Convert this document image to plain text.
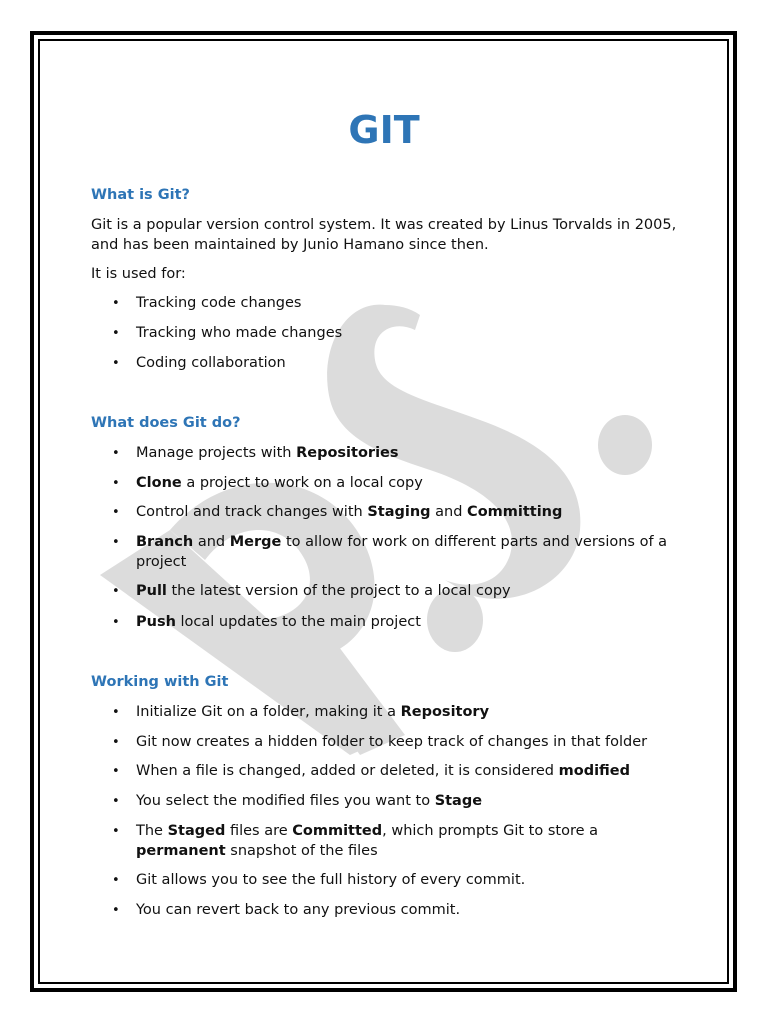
GIT
What is Git?
Git is a popular version control system. It was created by Linus Torvalds in 2005, and has been maintained by Junio Hamano since then.
It is used for:
• Tracking code changes
• Tracking who made changes
• Coding collaboration
What does Git do?
• Manage projects with Repositories
• Clone a project to work on a local copy
• Control and track changes with Staging and Committing
• Branch and Merge to allow for work on different parts and versions of a project
• Pull the latest version of the project to a local copy
• Push local updates to the main project
Working with Git
• Initialize Git on a folder, making it a Repository
• Git now creates a hidden folder to keep track of changes in that folder
• When a file is changed, added or deleted, it is considered modified
• You select the modified files you want to Stage
• The Staged files are Committed, which prompts Git to store a permanent snapshot of the files
• Git allows you to see the full history of every commit.
• You can revert back to any previous commit.
